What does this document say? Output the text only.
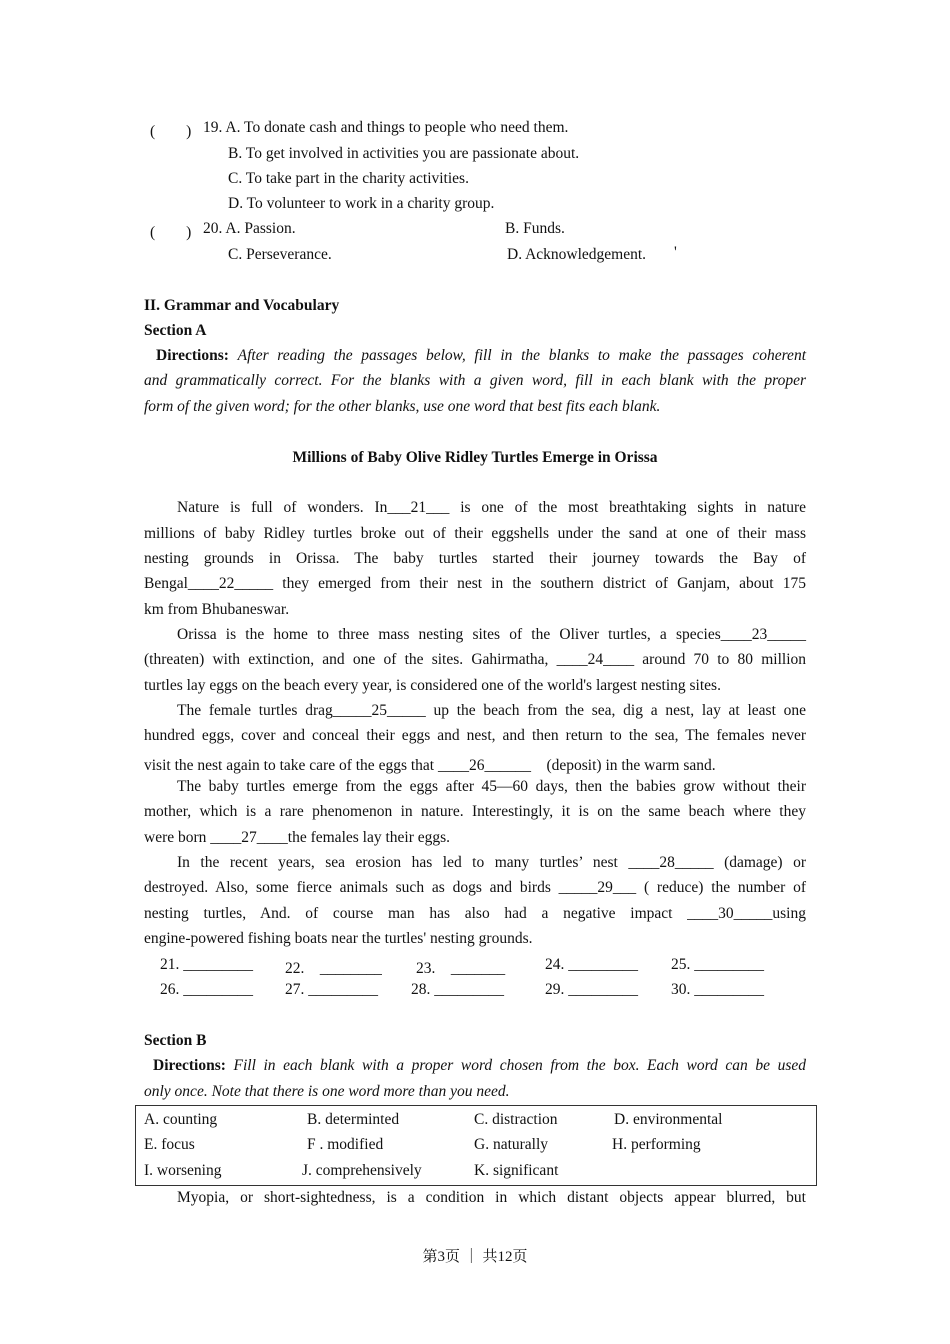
(　　) 19. A. To donate cash and things to people who need them.
B. To get involved in activities you are passionate about.
C. To take part in the charity activities.
D. To volunteer to work in a charity group.
(　　) 20. A. Passion.	B. Funds.
C. Perseverance.	D. Acknowledgement. '
II. Grammar and Vocabulary
Section A
Directions: After reading the passages below, fill in the blanks to make the passages coherent
and grammatically correct. For the blanks with a given word, fill in each blank with the proper
form of the given word; for the other blanks, use one word that best fits each blank.
Millions of Baby Olive Ridley Turtles Emerge in Orissa
Nature is full of wonders. In___21___ is one of the most breathtaking sights in nature
millions of baby Ridley turtles broke out of their eggshells under the sand at one of their mass
nesting grounds in Orissa. The baby turtles started their journey towards the Bay of
Bengal____22_____ they emerged from their nest in the southern district of Ganjam, about 175
km from Bhubaneswar.
Orissa is the home to three mass nesting sites of the Oliver turtles, a species____23_____
(threaten) with extinction, and one of the sites. Gahirmatha, ____24____ around 70 to 80 million
turtles lay eggs on the beach every year, is considered one of the world's largest nesting sites.
The female turtles drag_____25_____ up the beach from the sea, dig a nest, lay at least one
hundred eggs, cover and conceal their eggs and nest, and then return to the sea, The females never
visit the nest again to take care of the eggs that ____26______　(deposit) in the warm sand.
The baby turtles emerge from the eggs after 45—60 days, then the babies grow without their
mother, which is a rare phenomenon in nature. Interestingly, it is on the same beach where they
were born ____27____the females lay their eggs.
In the recent years, sea erosion has led to many turtles’ nest ____28_____ (damage) or
destroyed. Also, some fierce animals such as dogs and birds _____29___ ( reduce) the number of
nesting turtles, And. of course man has also had a negative impact ____30_____using
engine-powered fishing boats near the turtles' nesting grounds.
21. _________ 22.　________ 23.　_______	24. _________ 25. _________
26. _________ 27. _________ 28. _________	29. _________ 30. _________
Section B
Directions: Fill in each blank with a proper word chosen from the box. Each word can be used
only once. Note that there is one word more than you need.
A. counting	B. determinted	C. distraction	D. environmental
E. focus	F . modified	G. naturally	H. performing
I. worsening	J. comprehensively	K. significant
Myopia, or short-sightedness, is a condition in which distant objects appear blurred, but
第3页 ｜ 共12页
